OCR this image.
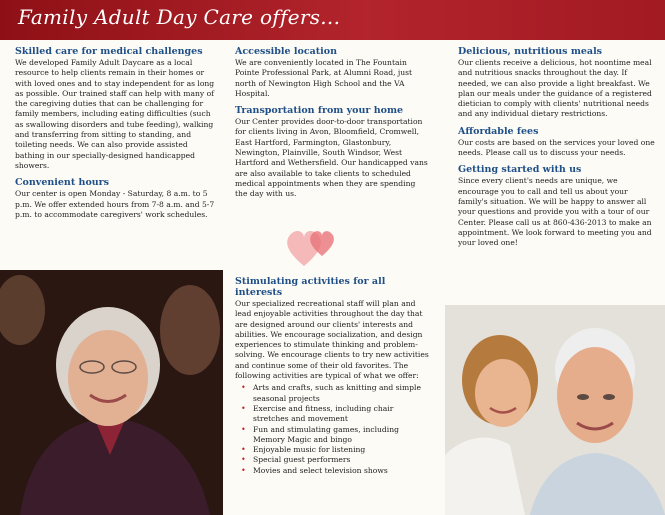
Family Adult Day Care offers...
Skilled care for medical challenges

We developed Family Adult Daycare as a local resource to help clients remain in their homes or with loved ones and to stay independent for as long as possible. Our trained staff can help with many of the caregiving duties that can be challenging for family members, including eating difficulties (such as swallowing disorders and tube feeding), walking and transferring from sitting to standing, and toileting needs. We can also provide assisted bathing in our specially-designed handicapped showers.

Convenient hours

Our center is open Monday - Saturday, 8 a.m. to 5 p.m. We offer extended hours from 7-8 a.m. and 5-7 p.m. to accommodate caregivers' work schedules.

Accessible location

We are conveniently located in The Fountain Pointe Professional Park, at Alumni Road, just north of Newington High School and the VA Hospital.

Transportation from your home

Our Center provides door-to-door transportation for clients living in Avon, Bloomfield, Cromwell, East Hartford, Farmington, Glastonbury, Newington, Plainville, South Windsor, West Hartford and Wethersfield. Our handicapped vans are also available to take clients to scheduled medical appointments when they are spending the day with us.

Stimulating activities for all interests

Our specialized recreational staff will plan and lead enjoyable activities throughout the day that are designed around our clients' interests and abilities. We encourage socialization, and design experiences to stimulate thinking and problem-solving. We encourage clients to try new activities and continue some of their old favorites. The following activities are typical of what we offer:

• Arts and crafts, such as knitting and simple seasonal projects
• Exercise and fitness, including chair stretches and movement
• Fun and stimulating games, including Memory Magic and bingo
• Enjoyable music for listening
• Special guest performers
• Movies and select television shows
Delicious, nutritious meals

Our clients receive a delicious, hot noontime meal and nutritious snacks throughout the day. If needed, we can also provide a light breakfast. We plan our meals under the guidance of a registered dietician to comply with clients' nutritional needs and any individual dietary restrictions.

Affordable fees

Our costs are based on the services your loved one needs. Please call us to discuss your needs.

Getting started with us

Since every client's needs are unique, we encourage you to call and tell us about your family's situation. We will be happy to answer all your questions and provide you with a tour of our Center. Please call us at 860-436-2013 to make an appointment. We look forward to meeting you and your loved one!
